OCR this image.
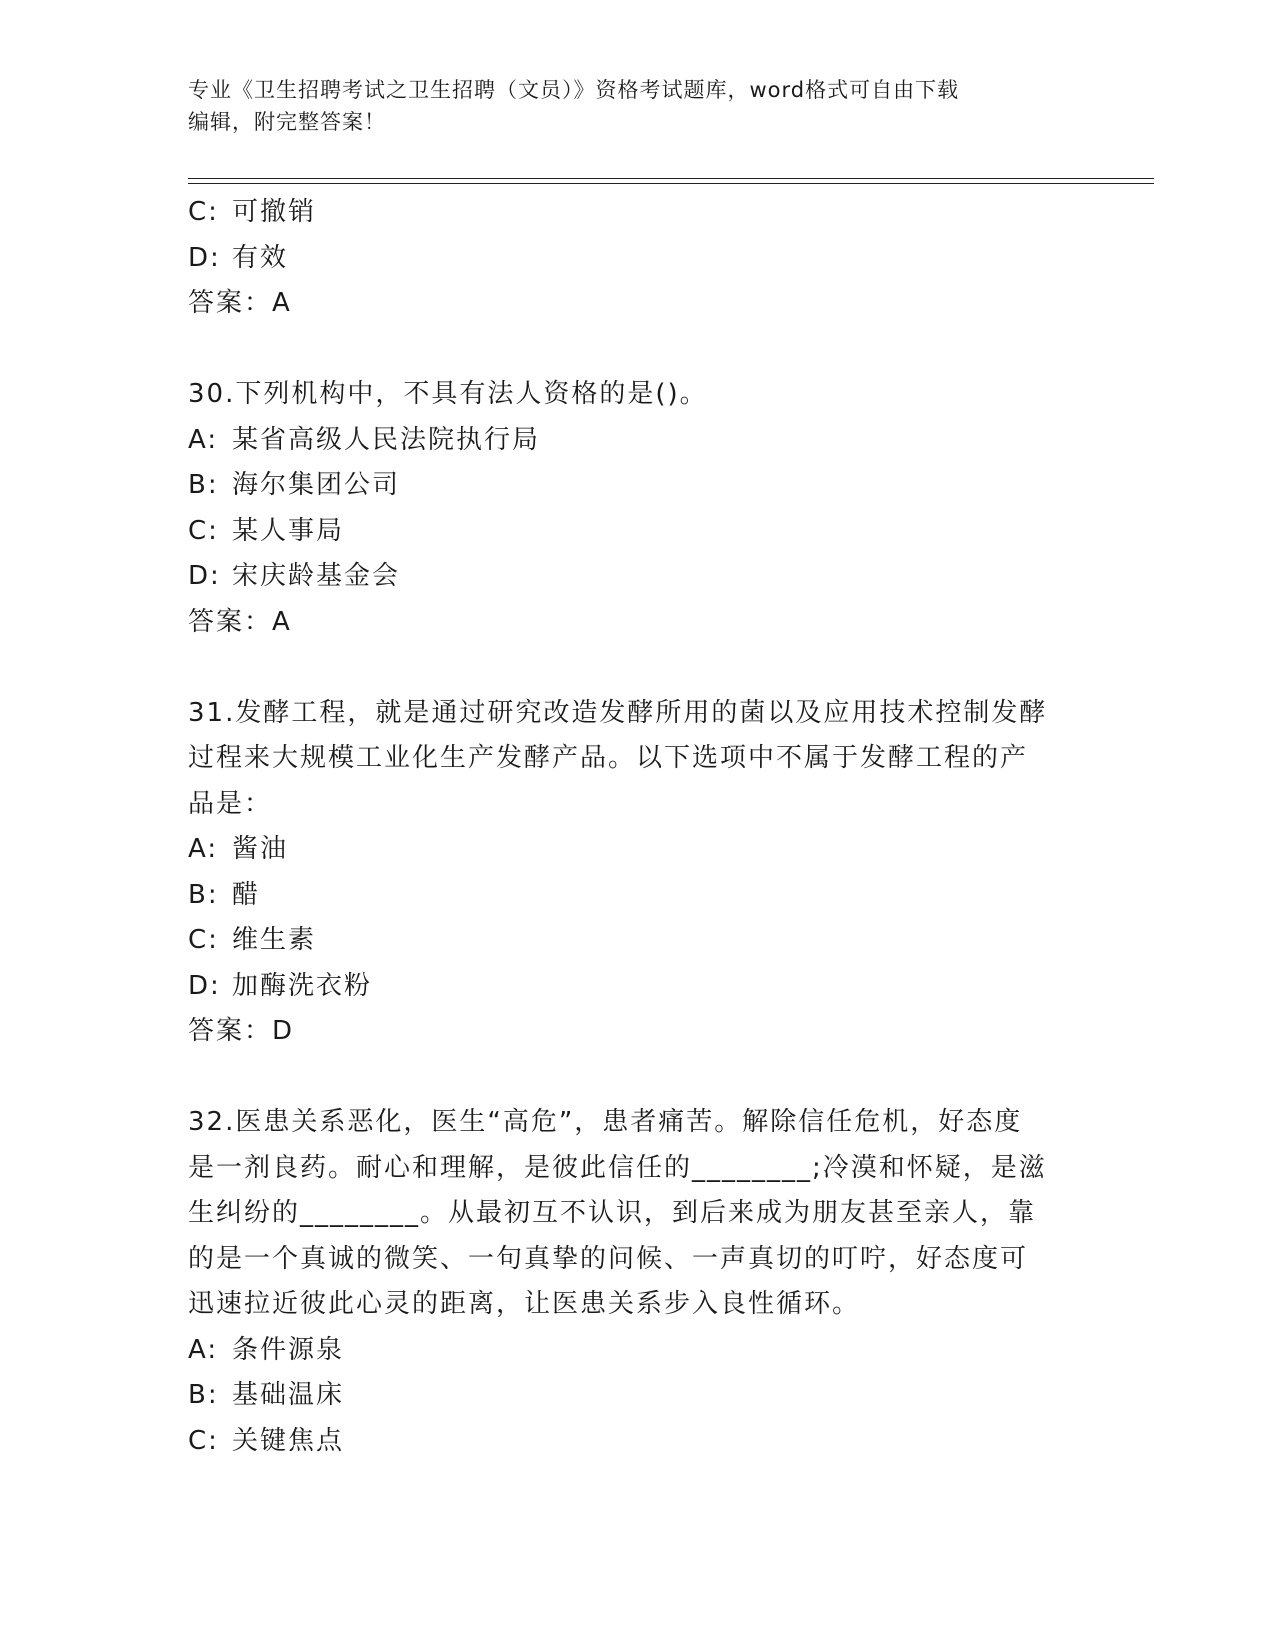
专业《卫生招聘考试之卫生招聘（文员）》资格考试题库，word格式可自由下载
编辑，附完整答案！
C: 可撤销
D: 有效
答案：A
30.下列机构中，不具有法人资格的是()。
A: 某省高级人民法院执行局
B: 海尔集团公司
C: 某人事局
D: 宋庆龄基金会
答案：A
31.发酵工程，就是通过研究改造发酵所用的菌以及应用技术控制发酵
过程来大规模工业化生产发酵产品。以下选项中不属于发酵工程的产
品是：
A: 酱油
B: 醋
C: 维生素
D: 加酶洗衣粉
答案：D
32.医患关系恶化，医生“高危”，患者痛苦。解除信任危机，好态度
是一剂良药。耐心和理解，是彼此信任的________;冷漠和怀疑，是滋
生纠纷的________。从最初互不认识，到后来成为朋友甚至亲人，靠
的是一个真诚的微笑、一句真挚的问候、一声真切的叮咛，好态度可
迅速拉近彼此心灵的距离，让医患关系步入良性循环。
A: 条件源泉
B: 基础温床
C: 关键焦点
